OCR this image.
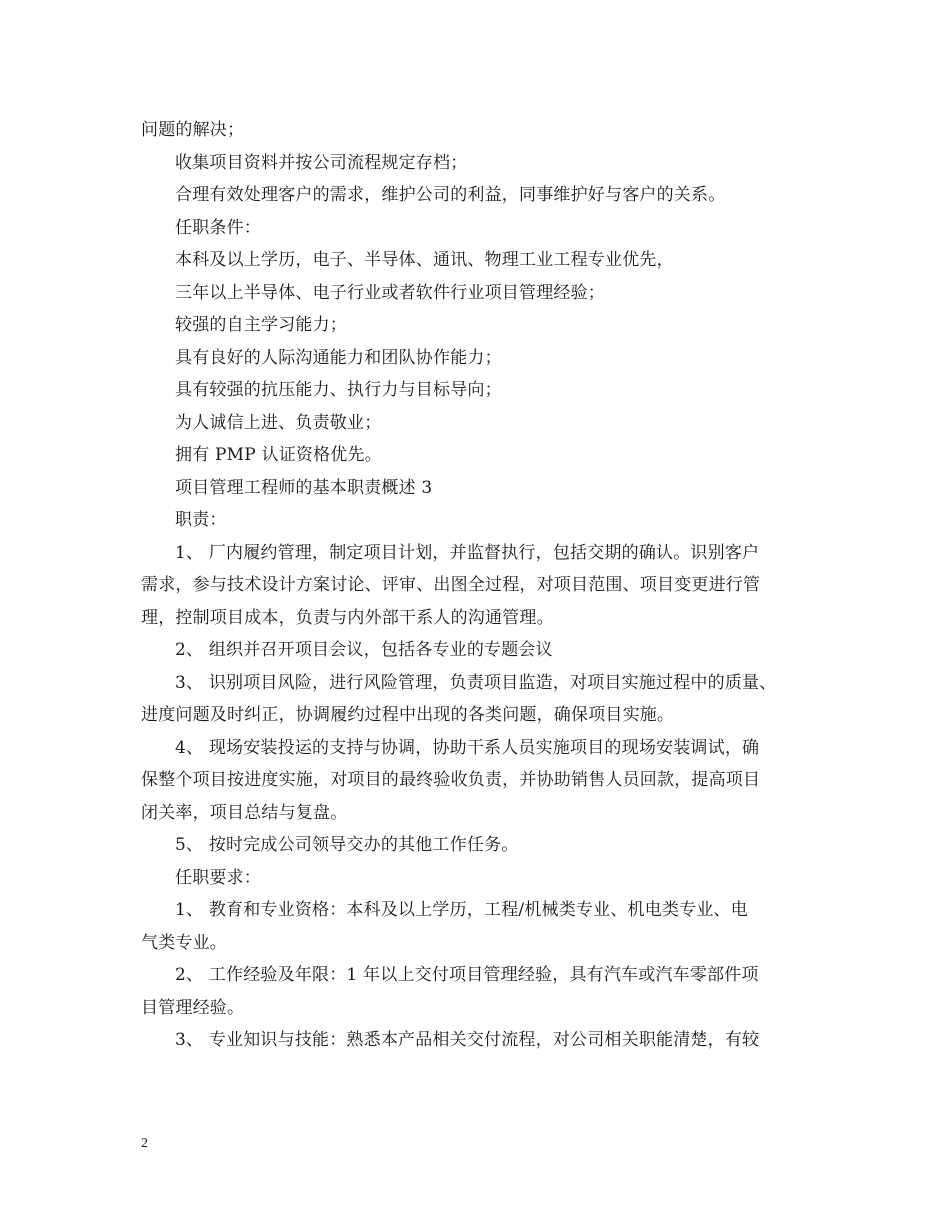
问题的解决；
收集项目资料并按公司流程规定存档；
合理有效处理客户的需求，维护公司的利益，同事维护好与客户的关系。
任职条件：
本科及以上学历，电子、半导体、通讯、物理工业工程专业优先，
三年以上半导体、电子行业或者软件行业项目管理经验；
较强的自主学习能力；
具有良好的人际沟通能力和团队协作能力；
具有较强的抗压能力、执行力与目标导向；
为人诚信上进、负责敬业；
拥有 PMP 认证资格优先。
项目管理工程师的基本职责概述 3
职责：
1、 厂内履约管理，制定项目计划，并监督执行，包括交期的确认。识别客户
需求，参与技术设计方案讨论、评审、出图全过程，对项目范围、项目变更进行管
理，控制项目成本，负责与内外部干系人的沟通管理。
2、 组织并召开项目会议，包括各专业的专题会议
3、 识别项目风险，进行风险管理，负责项目监造，对项目实施过程中的质量、
进度问题及时纠正，协调履约过程中出现的各类问题，确保项目实施。
4、 现场安装投运的支持与协调，协助干系人员实施项目的现场安装调试，确
保整个项目按进度实施，对项目的最终验收负责，并协助销售人员回款，提高项目
闭关率，项目总结与复盘。
5、 按时完成公司领导交办的其他工作任务。
任职要求：
1、 教育和专业资格：本科及以上学历，工程/机械类专业、机电类专业、电
气类专业。
2、 工作经验及年限：1 年以上交付项目管理经验，具有汽车或汽车零部件项
目管理经验。
3、 专业知识与技能：熟悉本产品相关交付流程，对公司相关职能清楚，有较
2
